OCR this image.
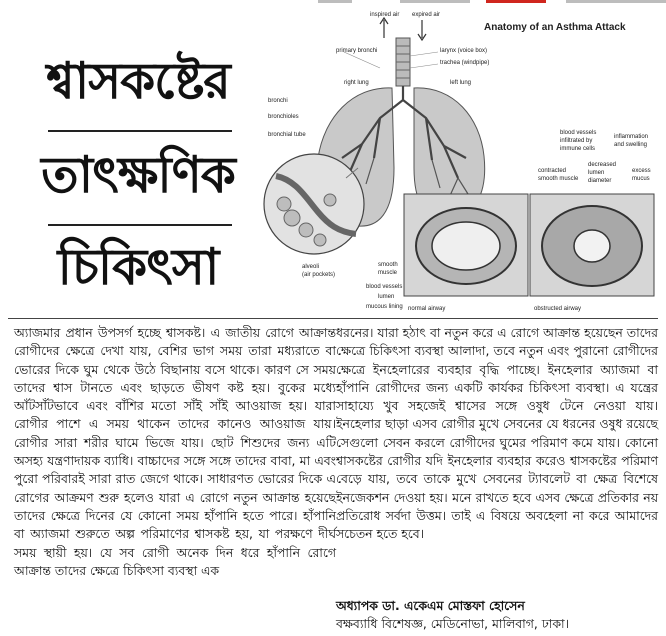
শ্বাসকষ্টের
তাৎক্ষণিক
চিকিৎসা
Anatomy of an Asthma Attack
inspired air expired air
primary bronchi	larynx (voice box)
trachea (windpipe)
right lung	left lung
bronchi
bronchioles
bronchial tube
alveoli
(air pockets)
blood vessels
infiltrated by
immune cells
inflammation
and swelling
contracted
smooth muscle
decreased
lumen
diameter
excess
mucus
smooth
muscle
blood vessels
lumen
mucous lining normal airway	obstructed airway

অ্যাজমার প্রধান উপসর্গ হচ্ছে শ্বাসকষ্ট। এ জাতীয় রোগে আক্রান্ত রোগীদের ক্ষেত্রে দেখা যায়, বেশির ভাগ সময় তারা মধ্যরাতে বা ভোরের দিকে ঘুম থেকে উঠে বিছানায় বসে থাকে। কারণ সে সময় তাদের শ্বাস টানতে এবং ছাড়তে ভীষণ কষ্ট হয়। বুকের মধ্যে আঁটসাঁটভাবে এবং বাঁশির মতো সাঁই সাঁই আওয়াজ হয়। যারা রোগীর পাশে এ সময় থাকেন তাদের কানেও আওয়াজ যায়। রোগীর সারা শরীর ঘামে ভিজে যায়। ছোট শিশুদের জন্য এটি অসহ্য যন্ত্রণাদায়ক ব্যাধি। বাচ্চাদের সঙ্গে সঙ্গে তাদের বাবা, মা এবং পুরো পরিবারই সারা রাত জেগে থাকে। সাধারণত ভোরের দিকে এ রোগের আক্রমণ শুরু হলেও যারা এ রোগে নতুন আক্রান্ত হয়েছে তাদের ক্ষেত্রে দিনের যে কোনো সময় হাঁপানি হতে পারে। হাঁপানি বা অ্যাজমা শুরুতে অল্প পরিমাণের শ্বাসকষ্ট হয়, যা পরক্ষণে দীর্ঘ সময় স্থায়ী হয়। যে সব রোগী অনেক দিন ধরে হাঁপানি রোগে আক্রান্ত তাদের ক্ষেত্রে চিকিৎসা ব্যবস্থা এক

ধরনের। যারা হঠাৎ বা নতুন করে এ রোগে আক্রান্ত হয়েছেন তাদের ক্ষেত্রে চিকিৎসা ব্যবস্থা আলাদা, তবে নতুন এবং পুরানো রোগীদের ক্ষেত্রে ইনহেলারের ব্যবহার বৃদ্ধি পাচ্ছে। ইনহেলার অ্যাজমা বা হাঁপানি রোগীদের জন্য একটি কার্যকর চিকিৎসা ব্যবস্থা। এ যন্ত্রের সাহায্যে খুব সহজেই শ্বাসের সঙ্গে ওষুধ টেনে নেওয়া যায়। ইনহেলার ছাড়া এসব রোগীর মুখে সেবনের যে ধরনের ওষুধ রয়েছে সেগুলো সেবন করলে রোগীদের ঘুমের পরিমাণ কমে যায়। কোনো শ্বাসকষ্টের রোগীর যদি ইনহেলার ব্যবহার করেও শ্বাসকষ্টের পরিমাণ বেড়ে যায়, তবে তাকে মুখে সেবনের ট্যাবলেট বা ক্ষেত্র বিশেষে ইনজেকশন দেওয়া হয়। মনে রাখতে হবে এসব ক্ষেত্রে প্রতিকার নয় প্রতিরোধ সর্বদা উত্তম। তাই এ বিষয়ে অবহেলা না করে আমাদের সচেতন হতে হবে।

অধ্যাপক ডা. একেএম মোস্তফা হোসেন
বক্ষব্যাধি বিশেষজ্ঞ, মেডিনোভা, মালিবাগ, ঢাকা।
